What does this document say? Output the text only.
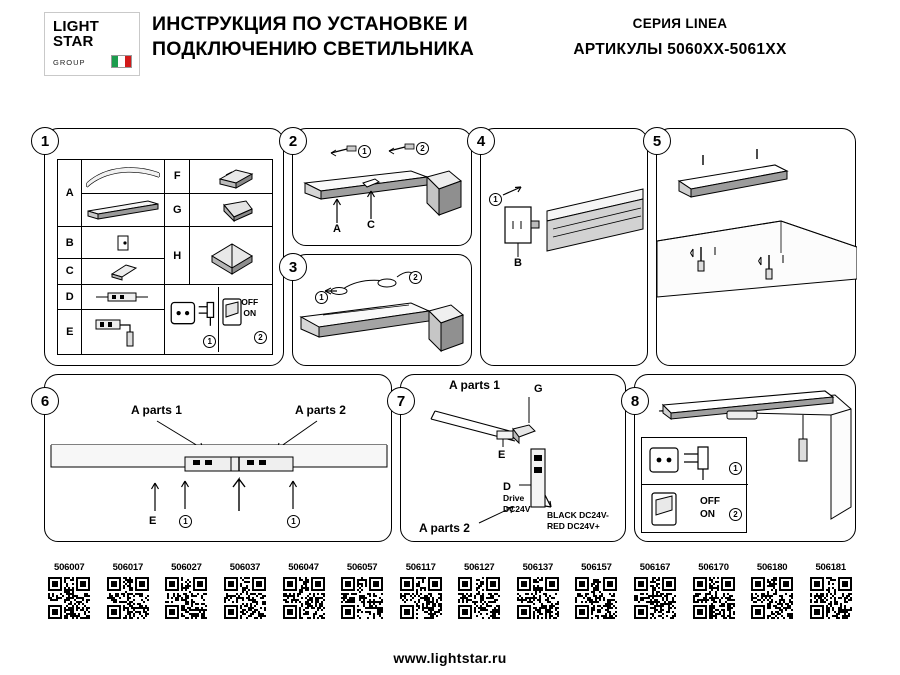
LIGHT
STAR
GROUP
ИНСТРУКЦИЯ ПО УСТАНОВКЕ И ПОДКЛЮЧЕНИЮ СВЕТИЛЬНИКА
СЕРИЯ LINEA
АРТИКУЛЫ 5060XX-5061XX
1
A		F	

	G	

B		H	

C	

D		1
OFF
ON
2	

E	
2
A C
1	2
3
1
2
4
1
B
5
6
A parts 1	A parts 2
E	1	1
7
A parts 1
A parts 2
G
E
D
Drive
DC24V
BLACK DC24V-
RED DC24V+
8
1
OFF
ON	2
506007	506017	506027	506037	506047	506057	506117	506127	506137	506157	506167	506170	506180	506181
www.lightstar.ru
